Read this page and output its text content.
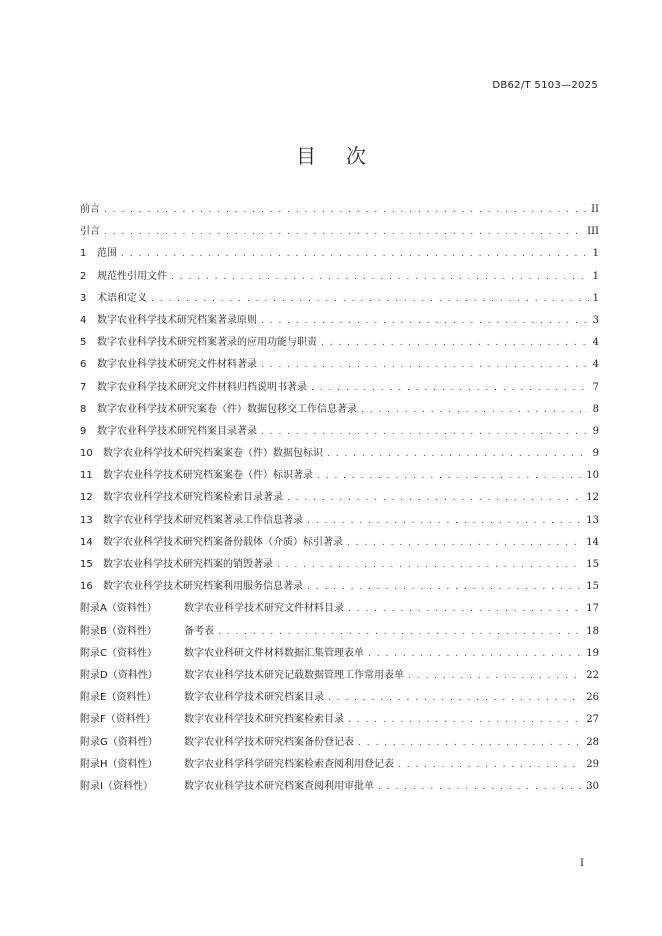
DB62/T 5103—2025
目次
前言 . . .	II
引言 . . .	III
1	范围 . . .	1
2	规范性引用文件 . . .	1
3	术语和定义 . . .	1
4	数字农业科学技术研究档案著录原则 . . .	3
5	数字农业科学技术研究档案著录的应用功能与职责 . . .	4
6	数字农业科学技术研究文件材料著录 . . .	4
7	数字农业科学技术研究文件材料归档说明书著录 . . .	7
8	数字农业科学技术研究案卷（件）数据包移交工作信息著录 . . .	8
9	数字农业科学技术研究档案目录著录 . . .	9
10	数字农业科学技术研究档案案卷（件）数据包标识 . . .	9
11	数字农业科学技术研究档案案卷（件）标识著录 . . .	10
12	数字农业科学技术研究档案检索目录著录 . . .	12
13	数字农业科学技术研究档案著录工作信息著录 . . .	13
14	数字农业科学技术研究档案备份载体（介质）标引著录 . . .	14
15	数字农业科学技术研究档案的销毁著录 . . .	15
16	数字农业科学技术研究档案利用服务信息著录 . . .	15
附录A（资料性）	数字农业科学技术研究文件材料目录 . . .	17
附录B（资料性）	备考表 . . .	18
附录C（资料性）	数字农业科研文件材料数据汇集管理表单 . . .	19
附录D（资料性）	数字农业科学技术研究记载数据管理工作常用表单 . . .	22
附录E（资料性）	数字农业科学技术研究档案目录 . . .	26
附录F（资料性）	数字农业科学技术研究档案检索目录 . . .	27
附录G（资料性）	数字农业科学技术研究档案备份登记表 . . .	28
附录H（资料性）	数字农业科学科学研究档案检索查阅利用登记表 . . .	29
附录I（资料性）	数字农业科学技术研究档案查阅利用审批单 . . .	30
I
